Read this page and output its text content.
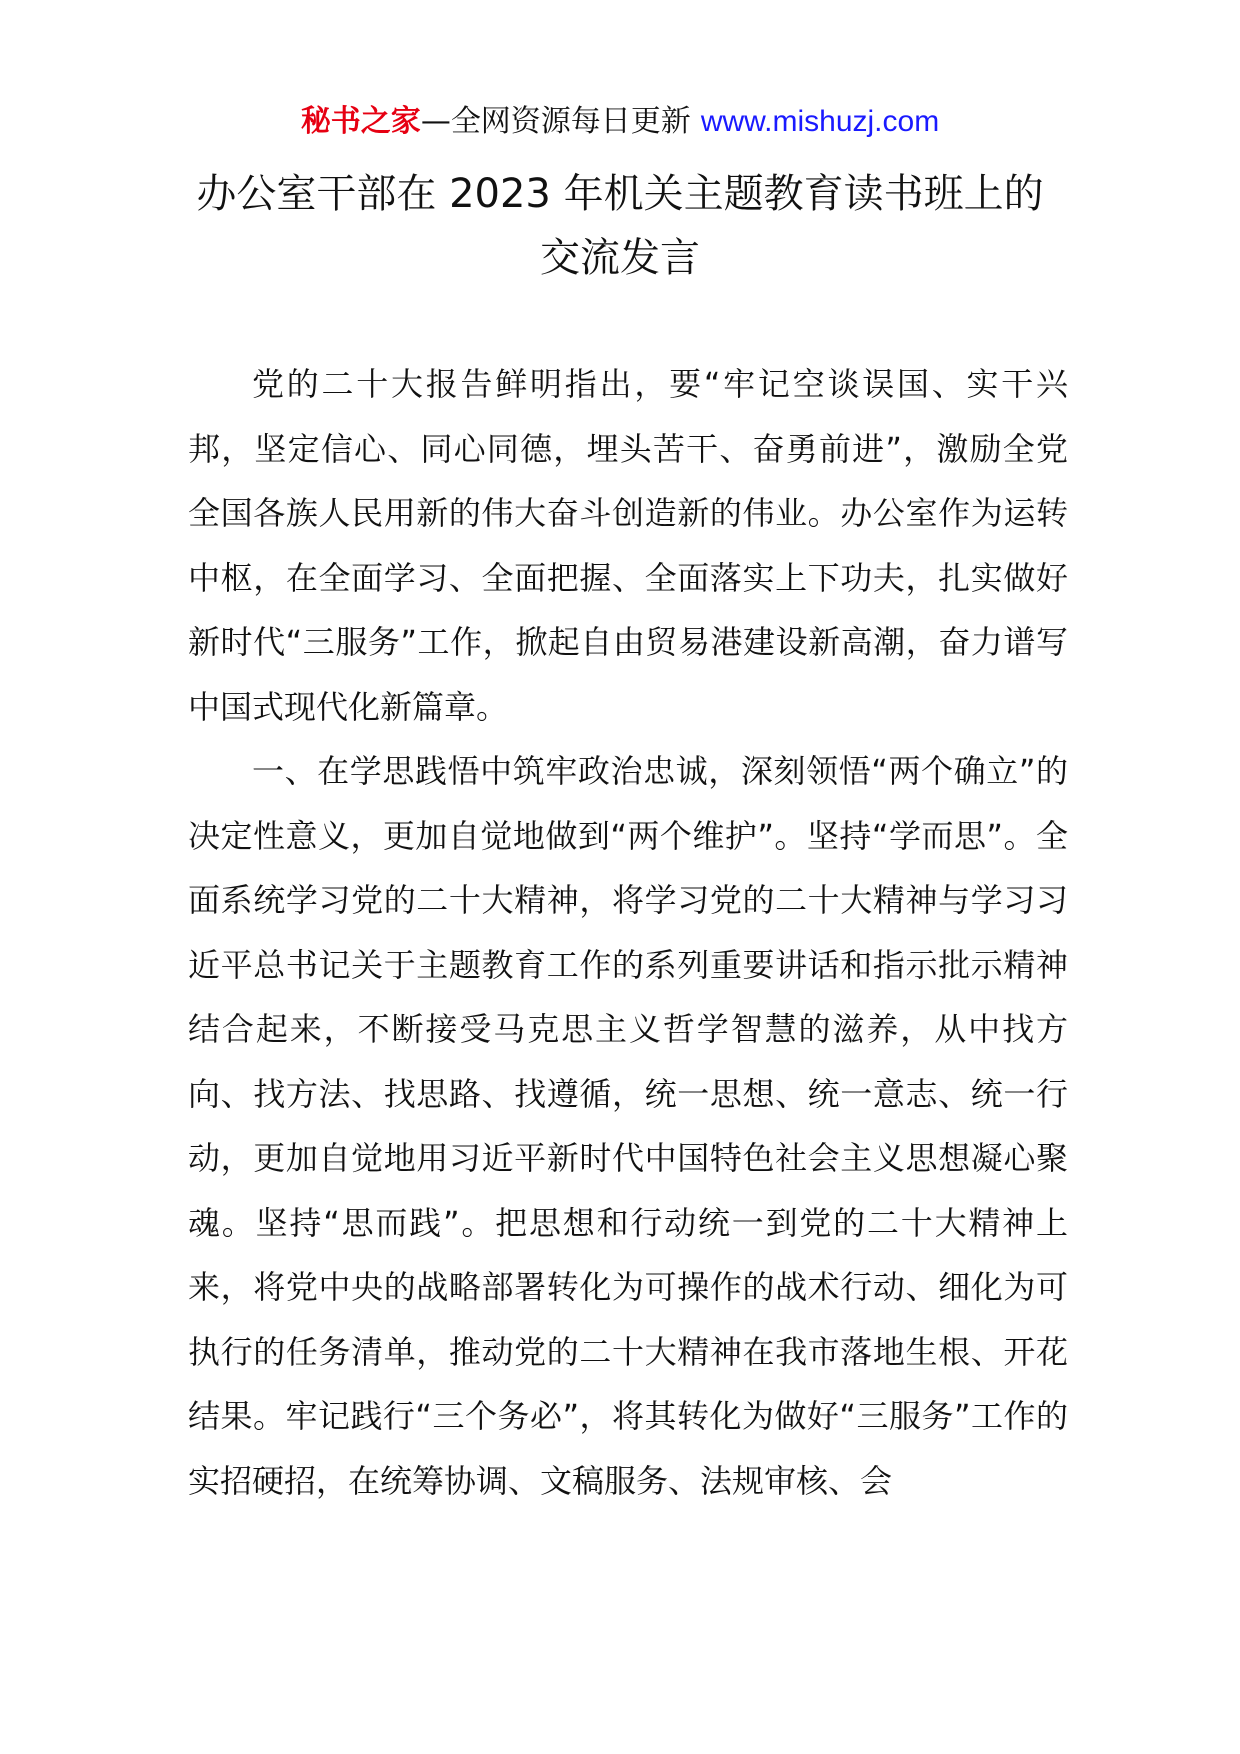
秘书之家—全网资源每日更新 www.mishuzj.com
办公室干部在 2023 年机关主题教育读书班上的
交流发言

党的二十大报告鲜明指出，要“牢记空谈误国、实干兴邦，坚定信心、同心同德，埋头苦干、奋勇前进”，激励全党全国各族人民用新的伟大奋斗创造新的伟业。办公室作为运转中枢，在全面学习、全面把握、全面落实上下功夫，扎实做好新时代“三服务”工作，掀起自由贸易港建设新高潮，奋力谱写中国式现代化新篇章。

一、在学思践悟中筑牢政治忠诚，深刻领悟“两个确立”的决定性意义，更加自觉地做到“两个维护”。坚持“学而思”。全面系统学习党的二十大精神，将学习党的二十大精神与学习习近平总书记关于主题教育工作的系列重要讲话和指示批示精神结合起来，不断接受马克思主义哲学智慧的滋养，从中找方向、找方法、找思路、找遵循，统一思想、统一意志、统一行动，更加自觉地用习近平新时代中国特色社会主义思想凝心聚魂。坚持“思而践”。把思想和行动统一到党的二十大精神上来，将党中央的战略部署转化为可操作的战术行动、细化为可执行的任务清单，推动党的二十大精神在我市落地生根、开花结果。牢记践行“三个务必”，将其转化为做好“三服务”工作的实招硬招，在统筹协调、文稿服务、法规审核、会
